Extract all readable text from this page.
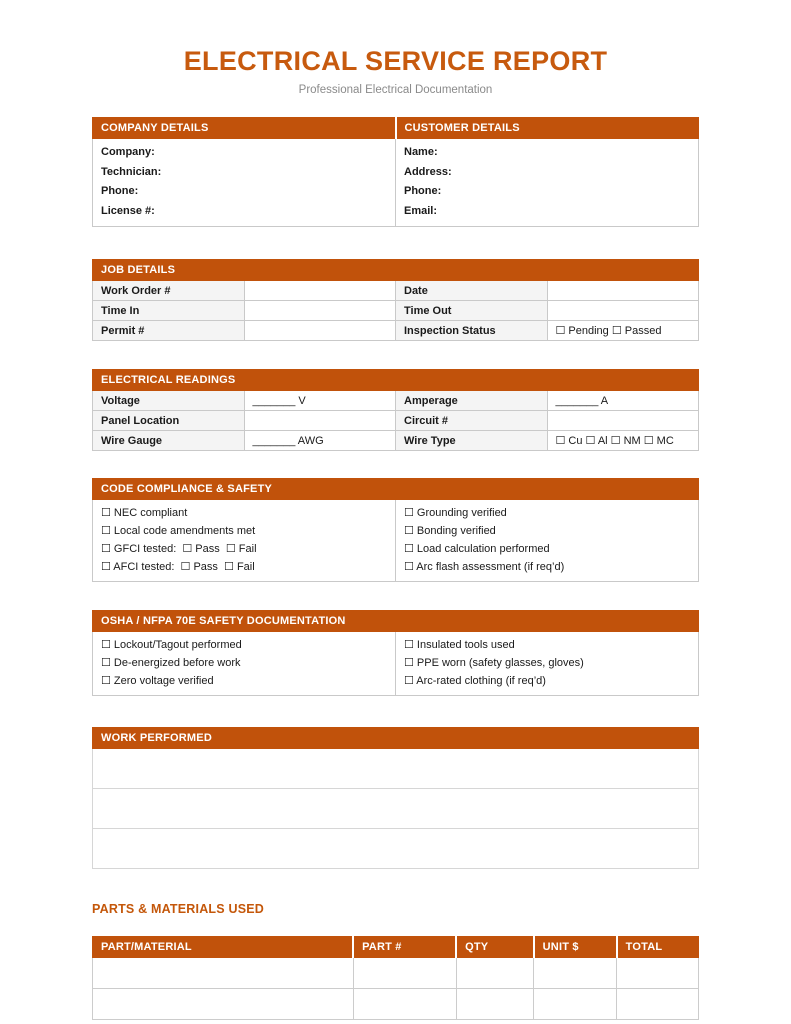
ELECTRICAL SERVICE REPORT
Professional Electrical Documentation
COMPANY DETAILS	CUSTOMER DETAILS

Company:
Technician:
Phone:
License #:

Name:
Address:
Phone:
Email:
JOB DETAILS			
Work Order #		Date	
Time In		Time Out	
Permit #		Inspection Status	☐ Pending ☐ Passed
ELECTRICAL READINGS			
Voltage	_______ V	Amperage	_______ A
Panel Location		Circuit #	
Wire Gauge	_______ AWG	Wire Type	☐ Cu ☐ Al ☐ NM ☐ MC
CODE COMPLIANCE & SAFETY

☐ NEC compliant
☐ Local code amendments met
☐ GFCI tested:  ☐ Pass  ☐ Fail
☐ AFCI tested:  ☐ Pass  ☐ Fail

☐ Grounding verified
☐ Bonding verified
☐ Load calculation performed
☐ Arc flash assessment (if req’d)
OSHA / NFPA 70E SAFETY DOCUMENTATION

☐ Lockout/Tagout performed
☐ De-energized before work
☐ Zero voltage verified

☐ Insulated tools used
☐ PPE worn (safety glasses, gloves)
☐ Arc-rated clothing (if req’d)
WORK PERFORMED

PARTS & MATERIALS USED
PART/MATERIAL	PART #	QTY	UNIT $	TOTAL
